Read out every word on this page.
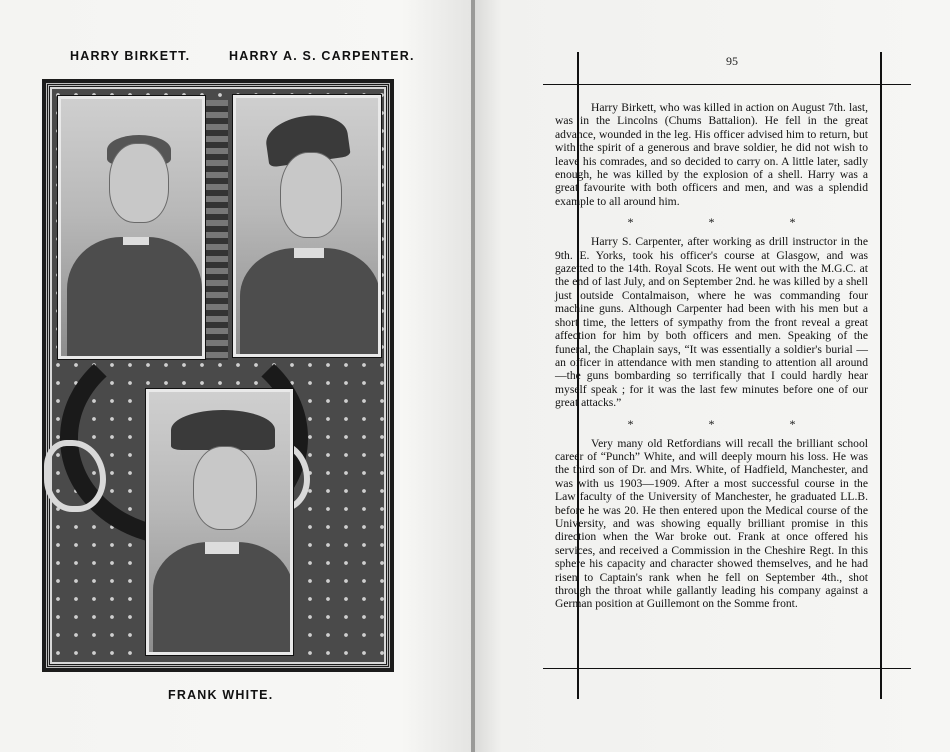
HARRY BIRKETT.	HARRY A. S. CARPENTER.
FRANK WHITE.
95

Harry Birkett, who was killed in action on August 7th. last, was in the Lincolns (Chums Battalion). He fell in the great advance, wounded in the leg. His officer advised him to return, but with the spirit of a generous and brave soldier, he did not wish to leave his comrades, and so decided to carry on. A little later, sadly enough, he was killed by the explosion of a shell. Harry was a great favourite with both officers and men, and was a splendid example to all around him.

* * *

Harry S. Carpenter, after working as drill instructor in the 9th. E. Yorks, took his officer's course at Glasgow, and was gazetted to the 14th. Royal Scots. He went out with the M.G.C. at the end of last July, and on September 2nd. he was killed by a shell just outside Contalmaison, where he was commanding four machine guns. Although Carpenter had been with his men but a short time, the letters of sympathy from the front reveal a great affection for him by both officers and men. Speaking of the funeral, the Chaplain says, “It was essentially a soldier's burial —an officer in attendance with men standing to attention all around—the guns bombarding so terrifically that I could hardly hear myself speak ; for it was the last few minutes before one of our great attacks.”

* * *

Very many old Retfordians will recall the brilliant school career of “Punch” White, and will deeply mourn his loss. He was the third son of Dr. and Mrs. White, of Hadfield, Manchester, and was with us 1903—1909. After a most successful course in the Law faculty of the University of Manchester, he graduated LL.B. before he was 20. He then entered upon the Medical course of the University, and was showing equally brilliant promise in this direction when the War broke out. Frank at once offered his services, and received a Commission in the Cheshire Regt. In this sphere his capacity and character showed themselves, and he had risen to Captain's rank when he fell on September 4th., shot through the throat while gallantly leading his company against a German position at Guillemont on the Somme front.
